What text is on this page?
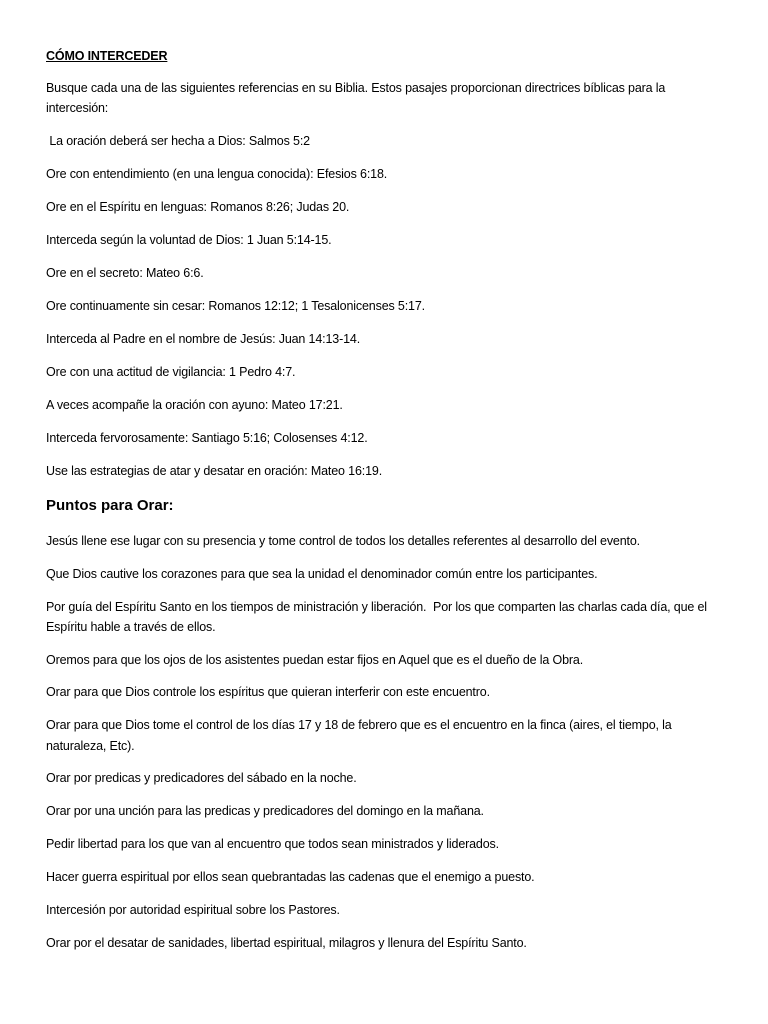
CÓMO INTERCEDER
Busque cada una de las siguientes referencias en su Biblia. Estos pasajes proporcionan directrices bíblicas para la
intercesión:
La oración deberá ser hecha a Dios: Salmos 5:2
Ore con entendimiento (en una lengua conocida): Efesios 6:18.
Ore en el Espíritu en lenguas: Romanos 8:26; Judas 20.
Interceda según la voluntad de Dios: 1 Juan 5:14-15.
Ore en el secreto: Mateo 6:6.
Ore continuamente sin cesar: Romanos 12:12; 1 Tesalonicenses 5:17.
Interceda al Padre en el nombre de Jesús: Juan 14:13-14.
Ore con una actitud de vigilancia: 1 Pedro 4:7.
A veces acompañe la oración con ayuno: Mateo 17:21.
Interceda fervorosamente: Santiago 5:16; Colosenses 4:12.
Use las estrategias de atar y desatar en oración: Mateo 16:19.
Puntos para Orar:
Jesús llene ese lugar con su presencia y tome control de todos los detalles referentes al desarrollo del evento.
Que Dios cautive los corazones para que sea la unidad el denominador común entre los participantes.
Por guía del Espíritu Santo en los tiempos de ministración y liberación.  Por los que comparten las charlas cada día, que el
Espíritu hable a través de ellos.
Oremos para que los ojos de los asistentes puedan estar fijos en Aquel que es el dueño de la Obra.
Orar para que Dios controle los espíritus que quieran interferir con este encuentro.
Orar para que Dios tome el control de los días 17 y 18 de febrero que es el encuentro en la finca (aires, el tiempo, la
naturaleza, Etc).
Orar por predicas y predicadores del sábado en la noche.
Orar por una unción para las predicas y predicadores del domingo en la mañana.
Pedir libertad para los que van al encuentro que todos sean ministrados y liderados.
Hacer guerra espiritual por ellos sean quebrantadas las cadenas que el enemigo a puesto.
Intercesión por autoridad espiritual sobre los Pastores.
Orar por el desatar de sanidades, libertad espiritual, milagros y llenura del Espíritu Santo.
